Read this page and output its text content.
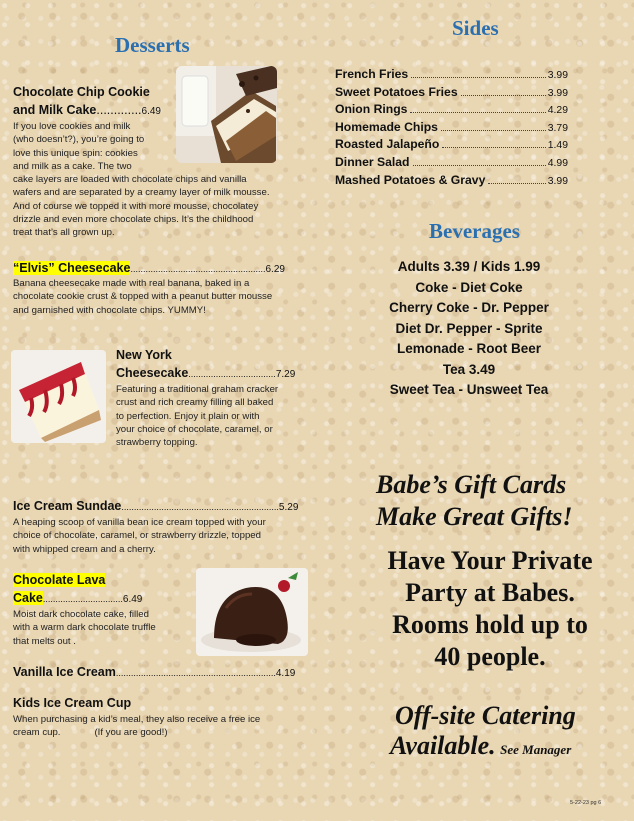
Desserts
Chocolate Chip Cookie
and Milk Cake.............6.49
If you love cookies and milk
(who doesn’t?), you’re going to
love this unique spin: cookies
and milk as a cake. The two
cake layers are loaded with chocolate chips and vanilla
wafers and are separated by a creamy layer of milk mousse.
And of course we topped it with more mousse, chocolatey
drizzle and even more chocolate chips. It’s the childhood
treat that’s all grown up.
“Elvis” Cheesecake......................................................6.29
Banana cheesecake made with real banana, baked in a
chocolate cookie crust & topped with a peanut butter mousse
and garnished with chocolate chips. YUMMY!
New York
Cheesecake...................................7.29
Featuring a traditional graham cracker
crust and rich creamy filling all baked
to perfection. Enjoy it plain or with
your choice of chocolate, caramel, or
strawberry topping.
Ice Cream Sundae...............................................................5.29
A heaping scoop of vanilla bean ice cream topped with your
choice of chocolate, caramel, or strawberry drizzle, topped
with whipped cream and a cherry.
Chocolate Lava
Cake................................6.49
Moist dark chocolate cake, filled
with a warm dark chocolate truffle
that melts out .
Vanilla Ice Cream................................................................4.19
Kids Ice Cream Cup
When purchasing a kid’s meal, they also receive a free ice
cream cup.	(If you are good!)
Sides
French Fries	3.99
Sweet Potatoes Fries	3.99
Onion Rings	4.29
Homemade Chips	3.79
Roasted Jalapeño	1.49
Dinner Salad	4.99
Mashed Potatoes & Gravy	3.99
Beverages
Adults 3.39 / Kids 1.99
Coke - Diet Coke
Cherry Coke - Dr. Pepper
Diet Dr. Pepper - Sprite
Lemonade - Root Beer
Tea 3.49
Sweet Tea - Unsweet Tea
Babe’s Gift Cards
Make Great Gifts!
Have Your Private
Party at Babes.
Rooms hold up to
40 people.
Off-site Catering
Available. See Manager
5-22-23 pg 6
